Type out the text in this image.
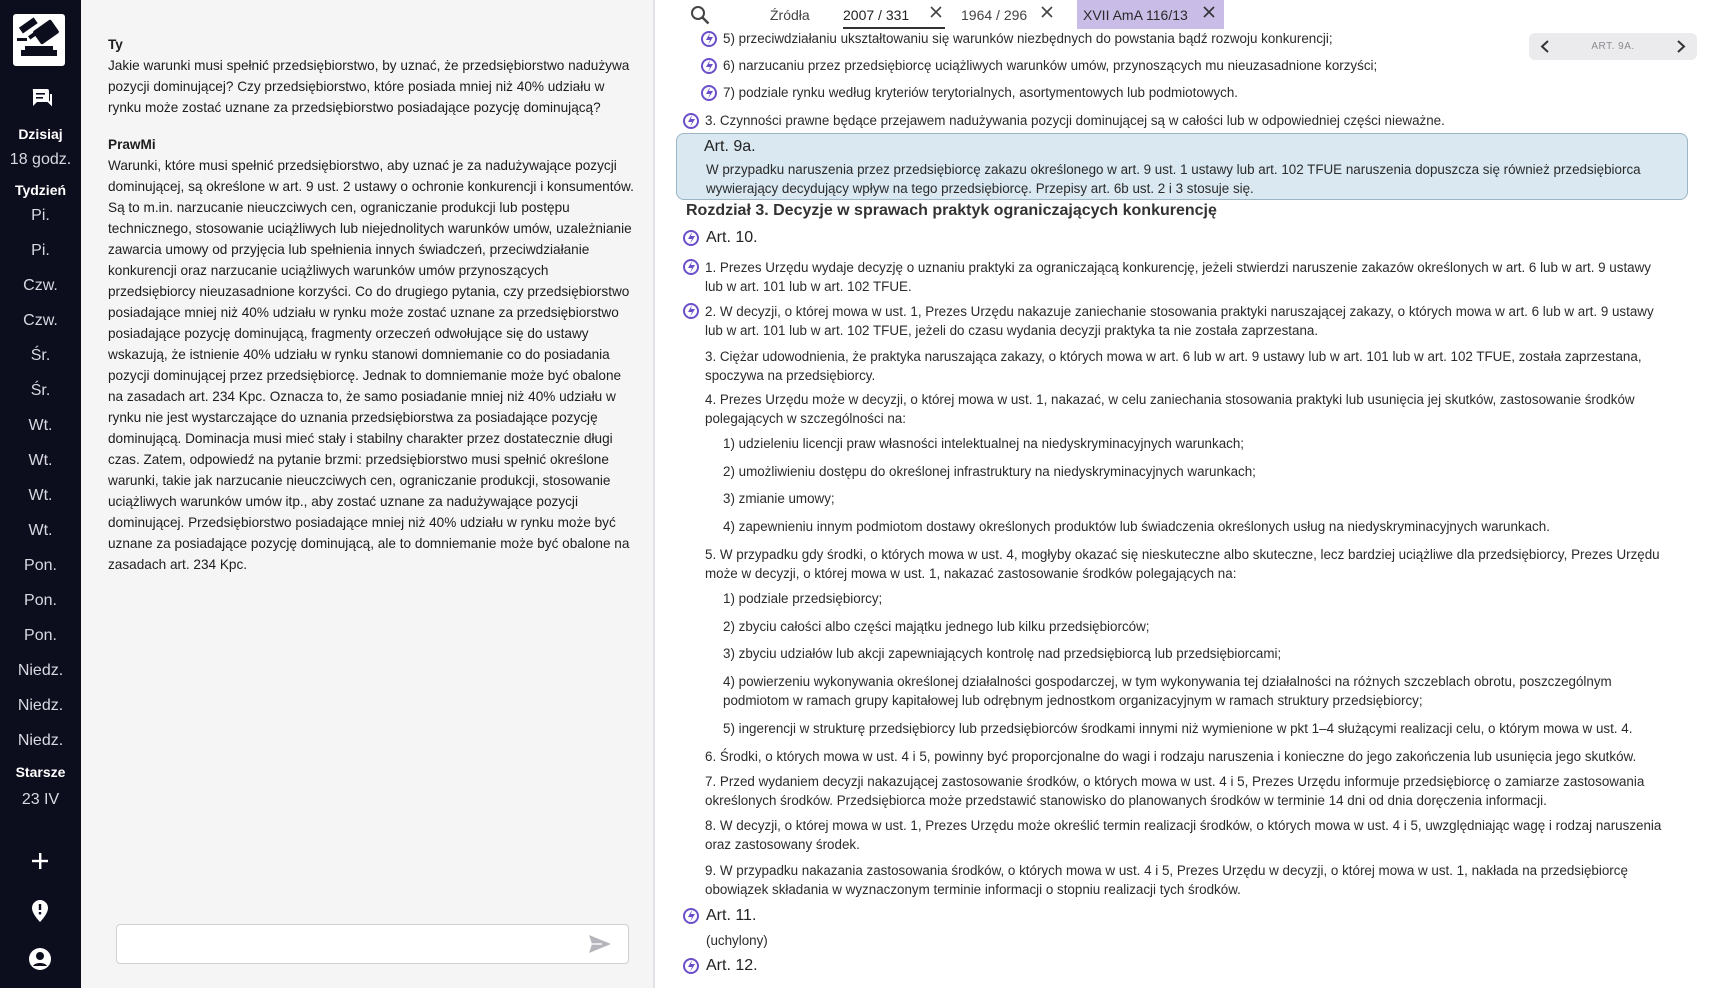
Dzisiaj
18 godz.
Tydzień
Pi.
Pi.
Czw.
Czw.
Śr.
Śr.
Wt.
Wt.
Wt.
Wt.
Pon.
Pon.
Pon.
Niedz.
Niedz.
Niedz.
Starsze
23 IV
Ty
Jakie warunki musi spełnić przedsiębiorstwo, by uznać, że przedsiębiorstwo nadużywa pozycji dominującej? Czy przedsiębiorstwo, które posiada mniej niż 40% udziału w rynku może zostać uznane za przedsiębiorstwo posiadające pozycję dominującą?
PrawMi
Warunki, które musi spełnić przedsiębiorstwo, aby uznać je za nadużywające pozycji dominującej, są określone w art. 9 ust. 2 ustawy o ochronie konkurencji i konsumentów. Są to m.in. narzucanie nieuczciwych cen, ograniczanie produkcji lub postępu technicznego, stosowanie uciążliwych lub niejednolitych warunków umów, uzależnianie zawarcia umowy od przyjęcia lub spełnienia innych świadczeń, przeciwdziałanie konkurencji oraz narzucanie uciążliwych warunków umów przynoszących przedsiębiorcy nieuzasadnione korzyści. Co do drugiego pytania, czy przedsiębiorstwo posiadające mniej niż 40% udziału w rynku może zostać uznane za przedsiębiorstwo posiadające pozycję dominującą, fragmenty orzeczeń odwołujące się do ustawy wskazują, że istnienie 40% udziału w rynku stanowi domniemanie co do posiadania pozycji dominującej przez przedsiębiorcę. Jednak to domniemanie może być obalone na zasadach art. 234 Kpc. Oznacza to, że samo posiadanie mniej niż 40% udziału w rynku nie jest wystarczające do uznania przedsiębiorstwa za posiadające pozycję dominującą. Dominacja musi mieć stały i stabilny charakter przez dostatecznie długi czas. Zatem, odpowiedź na pytanie brzmi: przedsiębiorstwo musi spełnić określone warunki, takie jak narzucanie nieuczciwych cen, ograniczanie produkcji, stosowanie uciążliwych warunków umów itp., aby zostać uznane za nadużywające pozycji dominującej. Przedsiębiorstwo posiadające mniej niż 40% udziału w rynku może być uznane za posiadające pozycję dominującą, ale to domniemanie może być obalone na zasadach art. 234 Kpc.
Źródła 2007 / 331	1964 / 296	XVII AmA 116/13
ART. 9A.
5) przeciwdziałaniu ukształtowaniu się warunków niezbędnych do powstania bądź rozwoju konkurencji;
6) narzucaniu przez przedsiębiorcę uciążliwych warunków umów, przynoszących mu nieuzasadnione korzyści;
7) podziale rynku według kryteriów terytorialnych, asortymentowych lub podmiotowych.
3. Czynności prawne będące przejawem nadużywania pozycji dominującej są w całości lub w odpowiedniej części nieważne.
Art. 9a.
W przypadku naruszenia przez przedsiębiorcę zakazu określonego w art. 9 ust. 1 ustawy lub art. 102 TFUE naruszenia dopuszcza się również przedsiębiorca
wywierający decydujący wpływ na tego przedsiębiorcę. Przepisy art. 6b ust. 2 i 3 stosuje się.
Rozdział 3. Decyzje w sprawach praktyk ograniczających konkurencję
Art. 10.
1. Prezes Urzędu wydaje decyzję o uznaniu praktyki za ograniczającą konkurencję, jeżeli stwierdzi naruszenie zakazów określonych w art. 6 lub w art. 9 ustawy
lub w art. 101 lub w art. 102 TFUE.
2. W decyzji, o której mowa w ust. 1, Prezes Urzędu nakazuje zaniechanie stosowania praktyki naruszającej zakazy, o których mowa w art. 6 lub w art. 9 ustawy
lub w art. 101 lub w art. 102 TFUE, jeżeli do czasu wydania decyzji praktyka ta nie została zaprzestana.
3. Ciężar udowodnienia, że praktyka naruszająca zakazy, o których mowa w art. 6 lub w art. 9 ustawy lub w art. 101 lub w art. 102 TFUE, została zaprzestana,
spoczywa na przedsiębiorcy.
4. Prezes Urzędu może w decyzji, o której mowa w ust. 1, nakazać, w celu zaniechania stosowania praktyki lub usunięcia jej skutków, zastosowanie środków
polegających w szczególności na:
1) udzieleniu licencji praw własności intelektualnej na niedyskryminacyjnych warunkach;
2) umożliwieniu dostępu do określonej infrastruktury na niedyskryminacyjnych warunkach;
3) zmianie umowy;
4) zapewnieniu innym podmiotom dostawy określonych produktów lub świadczenia określonych usług na niedyskryminacyjnych warunkach.
5. W przypadku gdy środki, o których mowa w ust. 4, mogłyby okazać się nieskuteczne albo skuteczne, lecz bardziej uciążliwe dla przedsiębiorcy, Prezes Urzędu
może w decyzji, o której mowa w ust. 1, nakazać zastosowanie środków polegających na:
1) podziale przedsiębiorcy;
2) zbyciu całości albo części majątku jednego lub kilku przedsiębiorców;
3) zbyciu udziałów lub akcji zapewniających kontrolę nad przedsiębiorcą lub przedsiębiorcami;
4) powierzeniu wykonywania określonej działalności gospodarczej, w tym wykonywania tej działalności na różnych szczeblach obrotu, poszczególnym
podmiotom w ramach grupy kapitałowej lub odrębnym jednostkom organizacyjnym w ramach struktury przedsiębiorcy;
5) ingerencji w strukturę przedsiębiorcy lub przedsiębiorców środkami innymi niż wymienione w pkt 1–4 służącymi realizacji celu, o którym mowa w ust. 4.
6. Środki, o których mowa w ust. 4 i 5, powinny być proporcjonalne do wagi i rodzaju naruszenia i konieczne do jego zakończenia lub usunięcia jego skutków.
7. Przed wydaniem decyzji nakazującej zastosowanie środków, o których mowa w ust. 4 i 5, Prezes Urzędu informuje przedsiębiorcę o zamiarze zastosowania
określonych środków. Przedsiębiorca może przedstawić stanowisko do planowanych środków w terminie 14 dni od dnia doręczenia informacji.
8. W decyzji, o której mowa w ust. 1, Prezes Urzędu może określić termin realizacji środków, o których mowa w ust. 4 i 5, uwzględniając wagę i rodzaj naruszenia
oraz zastosowany środek.
9. W przypadku nakazania zastosowania środków, o których mowa w ust. 4 i 5, Prezes Urzędu w decyzji, o której mowa w ust. 1, nakłada na przedsiębiorcę
obowiązek składania w wyznaczonym terminie informacji o stopniu realizacji tych środków.
Art. 11.
(uchylony)
Art. 12.
